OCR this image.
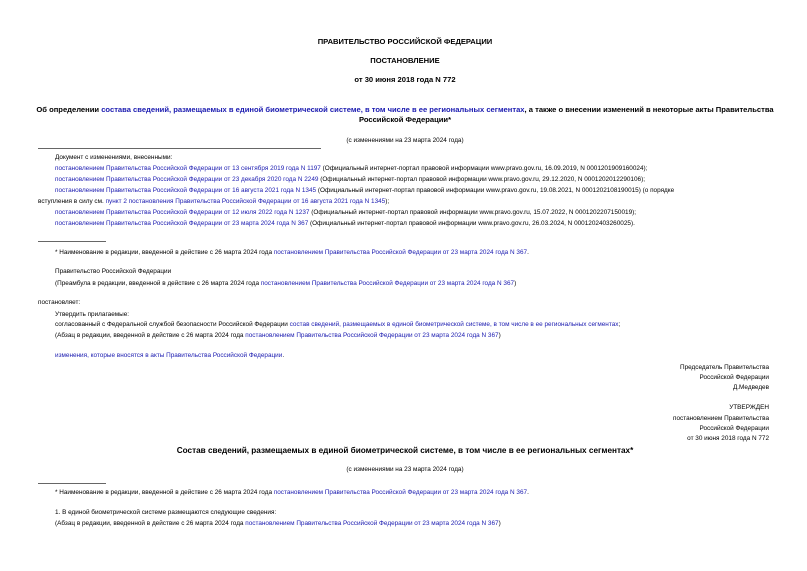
ПРАВИТЕЛЬСТВО РОССИЙСКОЙ ФЕДЕРАЦИИ
ПОСТАНОВЛЕНИЕ
от 30 июня 2018 года N 772
Об определении состава сведений, размещаемых в единой биометрической системе, в том числе в ее региональных сегментах, а также о внесении изменений в некоторые акты Правительства Российской Федерации*
(с изменениями на 23 марта 2024 года)
Документ с изменениями, внесенными:
постановлением Правительства Российской Федерации от 13 сентября 2019 года N 1197 (Официальный интернет-портал правовой информации www.pravo.gov.ru, 16.09.2019, N 0001201909160024);
постановлением Правительства Российской Федерации от 23 декабря 2020 года N 2249 (Официальный интернет-портал правовой информации www.pravo.gov.ru, 29.12.2020, N 0001202012290106);
постановлением Правительства Российской Федерации от 16 августа 2021 года N 1345 (Официальный интернет-портал правовой информации www.pravo.gov.ru, 19.08.2021, N 0001202108190015) (о порядке
вступления в силу см. пункт 2 постановления Правительства Российской Федерации от 16 августа 2021 года N 1345);
постановлением Правительства Российской Федерации от 12 июля 2022 года N 1237 (Официальный интернет-портал правовой информации www.pravo.gov.ru, 15.07.2022, N 0001202207150019);
постановлением Правительства Российской Федерации от 23 марта 2024 года N 367 (Официальный интернет-портал правовой информации www.pravo.gov.ru, 26.03.2024, N 0001202403260025).
* Наименование в редакции, введенной в действие с 26 марта 2024 года постановлением Правительства Российской Федерации от 23 марта 2024 года N 367.
Правительство Российской Федерации
(Преамбула в редакции, введенной в действие с 26 марта 2024 года постановлением Правительства Российской Федерации от 23 марта 2024 года N 367)
постановляет:
Утвердить прилагаемые:
согласованный с Федеральной службой безопасности Российской Федерации состав сведений, размещаемых в единой биометрической системе, в том числе в ее региональных сегментах;
(Абзац в редакции, введенной в действие с 26 марта 2024 года постановлением Правительства Российской Федерации от 23 марта 2024 года N 367)
изменения, которые вносятся в акты Правительства Российской Федерации.
Председатель Правительства
Российской Федерации
Д.Медведев
УТВЕРЖДЕН
постановлением Правительства
Российской Федерации
от 30 июня 2018 года N 772
Состав сведений, размещаемых в единой биометрической системе, в том числе в ее региональных сегментах*
(с изменениями на 23 марта 2024 года)
* Наименование в редакции, введенной в действие с 26 марта 2024 года постановлением Правительства Российской Федерации от 23 марта 2024 года N 367.
1. В единой биометрической системе размещаются следующие сведения:
(Абзац в редакции, введенной в действие с 26 марта 2024 года постановлением Правительства Российской Федерации от 23 марта 2024 года N 367)
